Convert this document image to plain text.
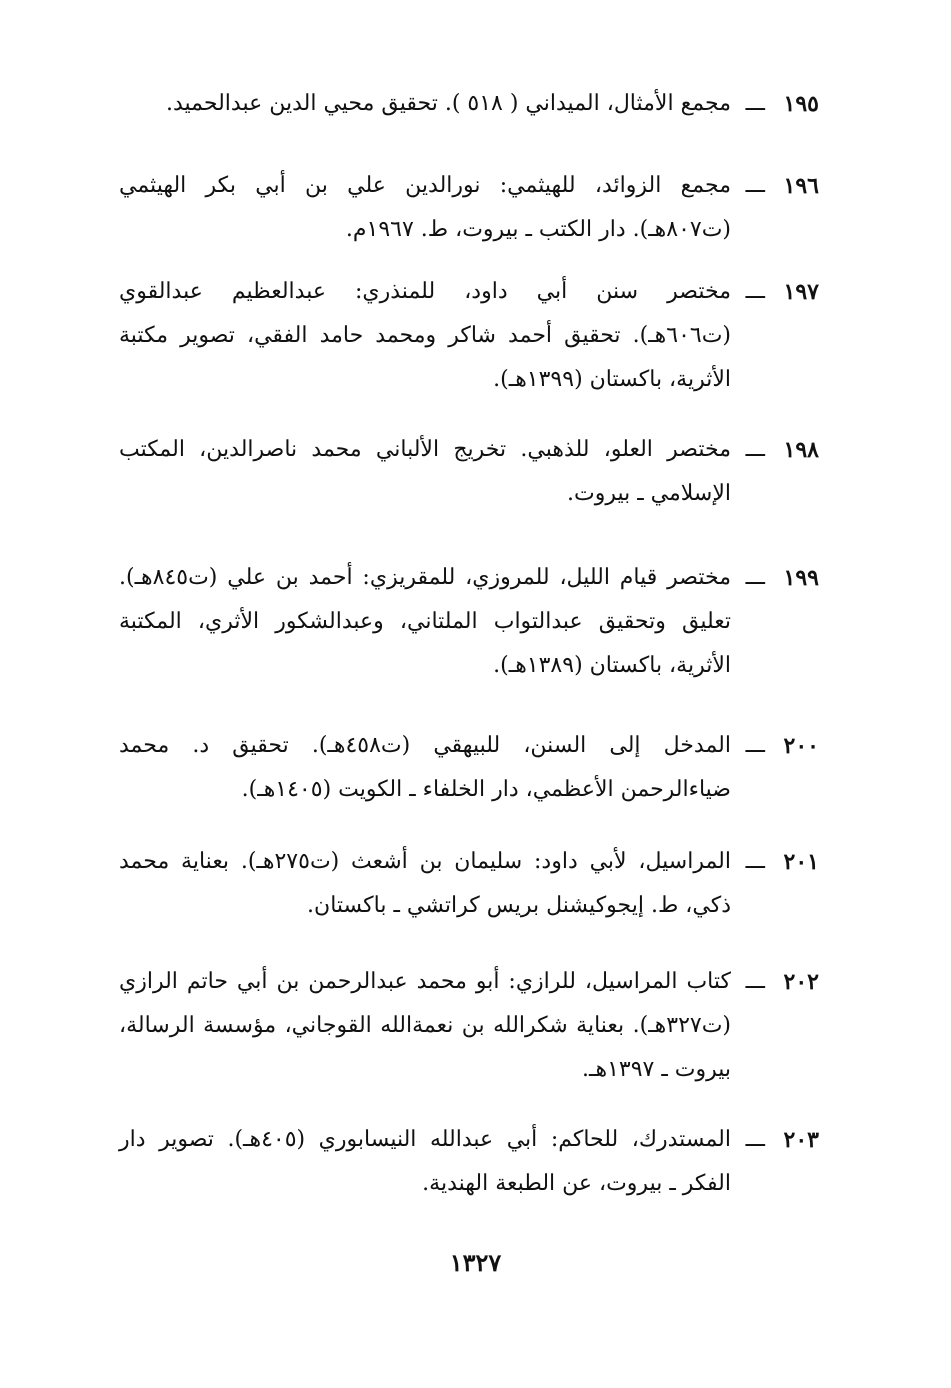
١٩٥
ـــ
مجمع الأمثال، الميداني ( ٥١٨ ). تحقيق محيي الدين عبدالحميد.
١٩٦
ـــ
مجمع الزوائد، للهيثمي: نورالدين علي بن أبي بكر الهيثمي
(ت٨٠٧هـ). دار الكتب ـ بيروت، ط. ١٩٦٧م.
١٩٧
ـــ
مختصر سنن أبي داود، للمنذري: عبدالعظيم عبدالقوي
(ت٦٠٦هـ). تحقيق أحمد شاكر ومحمد حامد الفقي، تصوير مكتبة
الأثرية، باكستان (١٣٩٩هـ).
١٩٨
ـــ
مختصر العلو، للذهبي. تخريج الألباني محمد ناصرالدين، المكتب
الإسلامي ـ بيروت.
١٩٩
ـــ
مختصر قيام الليل، للمروزي، للمقريزي: أحمد بن علي (ت٨٤٥هـ).
تعليق وتحقيق عبدالتواب الملتاني، وعبدالشكور الأثري، المكتبة
الأثرية، باكستان (١٣٨٩هـ).
٢٠٠
ـــ
المدخل إلى السنن، للبيهقي (ت٤٥٨هـ). تحقيق د. محمد
ضياءالرحمن الأعظمي، دار الخلفاء ـ الكويت (١٤٠٥هـ).
٢٠١
ـــ
المراسيل، لأبي داود: سليمان بن أشعث (ت٢٧٥هـ). بعناية محمد
ذكي، ط. إيجوكيشنل بريس كراتشي ـ باكستان.
٢٠٢
ـــ
كتاب المراسيل، للرازي: أبو محمد عبدالرحمن بن أبي حاتم الرازي
(ت٣٢٧هـ). بعناية شكرالله بن نعمةالله القوجاني، مؤسسة الرسالة،
بيروت ـ ١٣٩٧هـ.
٢٠٣
ـــ
المستدرك، للحاكم: أبي عبدالله النيسابوري (٤٠٥هـ). تصوير دار
الفكر ـ بيروت، عن الطبعة الهندية.
١٣٢٧
